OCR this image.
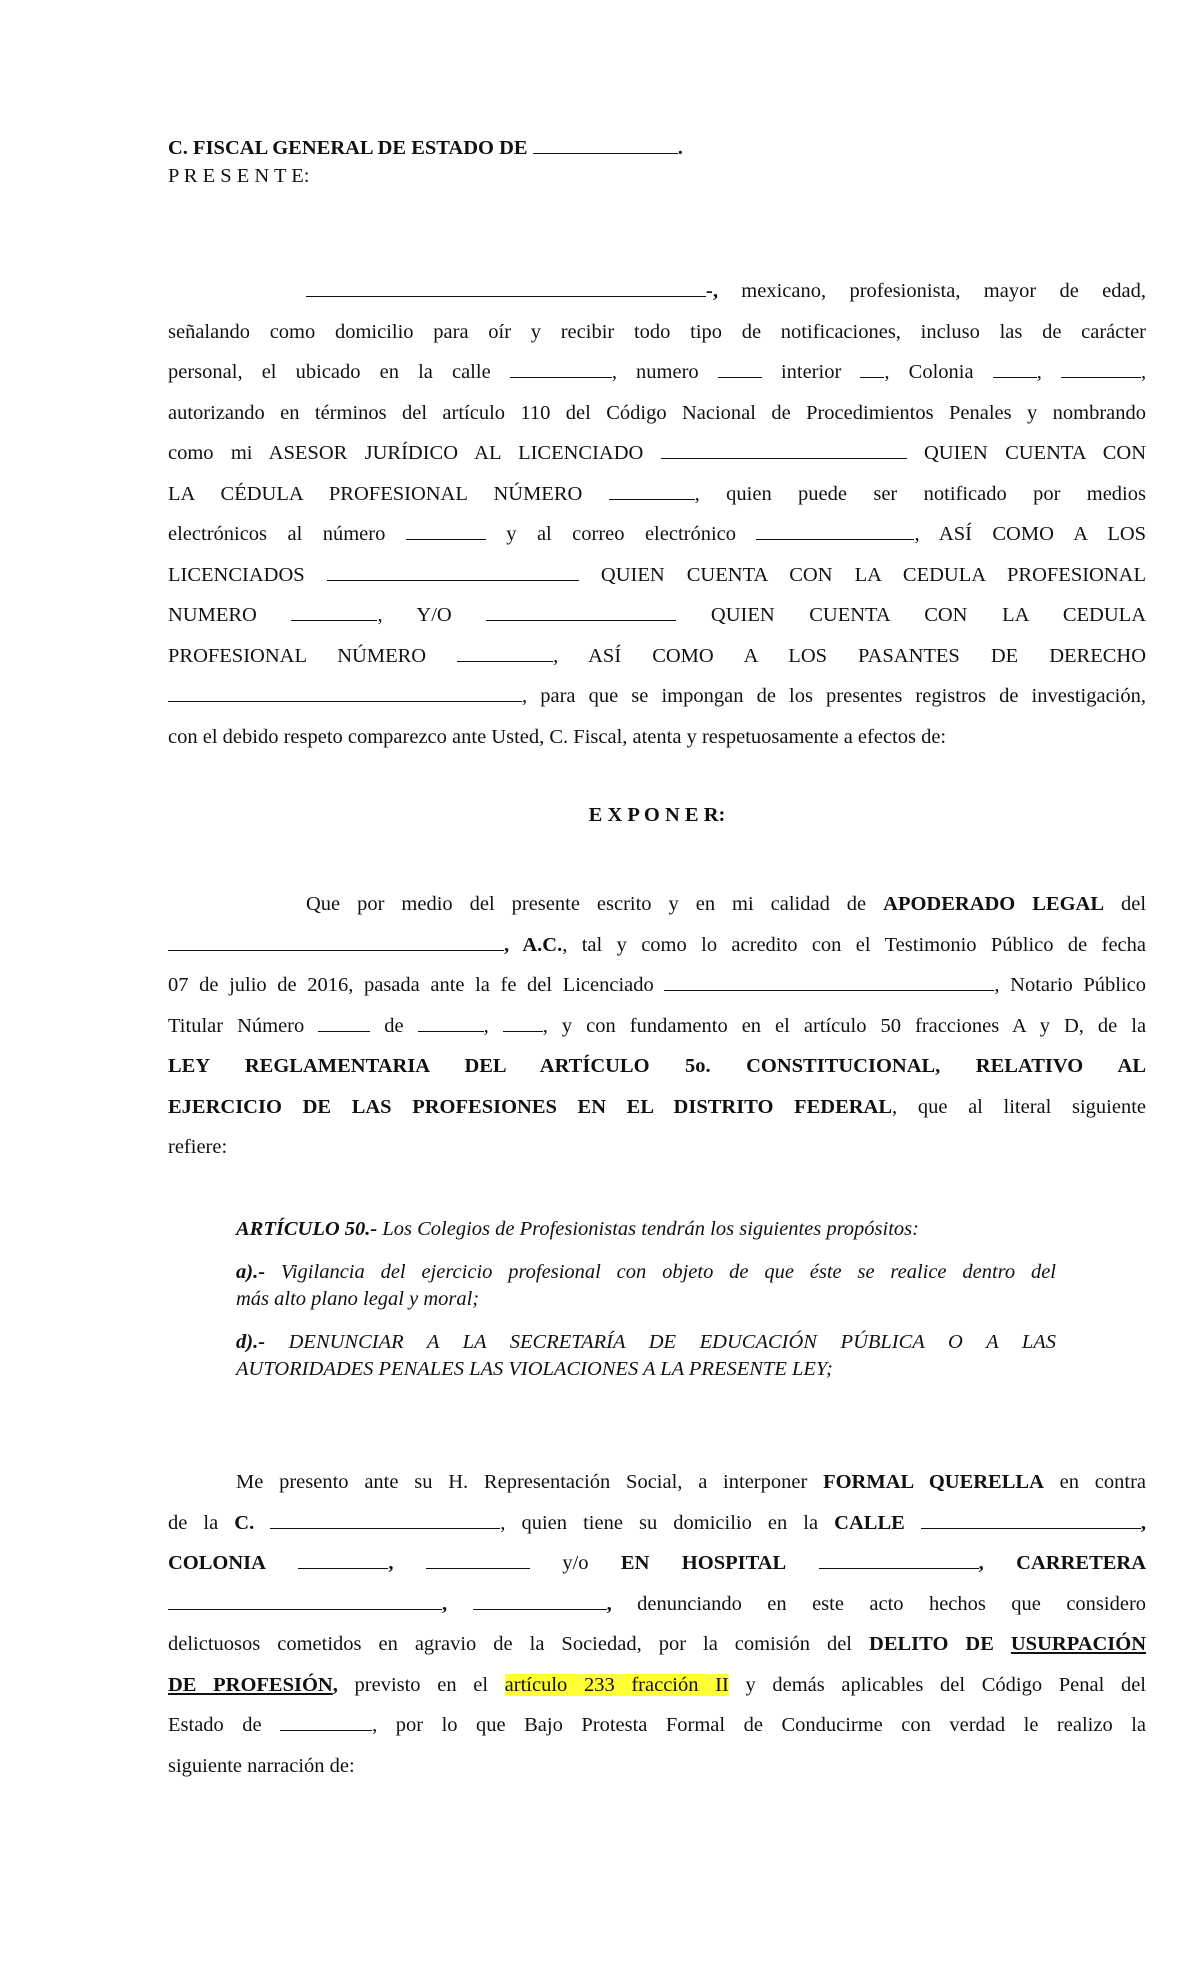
C. FISCAL GENERAL DE ESTADO DE	.
P R E S E N T E:
-, mexicano, profesionista, mayor de edad,
señalando como domicilio para oír y recibir todo tipo de notificaciones, incluso las de carácter
personal, el ubicado en la calle	, numero	interior , Colonia	,	,
autorizando en términos del artículo 110 del Código Nacional de Procedimientos Penales y nombrando
como mi ASESOR JURÍDICO AL LICENCIADO	QUIEN CUENTA CON
LA CÉDULA PROFESIONAL NÚMERO	, quien puede ser notificado por medios
electrónicos al número	y al correo electrónico	, ASÍ COMO A LOS
LICENCIADOS	QUIEN CUENTA CON LA CEDULA PROFESIONAL
NUMERO	, Y/O	QUIEN CUENTA CON LA CEDULA
PROFESIONAL NÚMERO	, ASÍ COMO A LOS PASANTES DE DERECHO
, para que se impongan de los presentes registros de investigación,
con el debido respeto comparezco ante Usted, C. Fiscal, atenta y respetuosamente a efectos de:
E X P O N E R:
Que por medio del presente escrito y en mi calidad de APODERADO LEGAL del
, A.C., tal y como lo acredito con el Testimonio Público de fecha
07 de julio de 2016, pasada ante la fe del Licenciado	, Notario Público
Titular Número	de	,	, y con fundamento en el artículo 50 fracciones A y D, de la
LEY REGLAMENTARIA DEL ARTÍCULO 5o. CONSTITUCIONAL, RELATIVO AL
EJERCICIO DE LAS PROFESIONES EN EL DISTRITO FEDERAL, que al literal siguiente
refiere:
ARTÍCULO 50.- Los Colegios de Profesionistas tendrán los siguientes propósitos:
a).- Vigilancia del ejercicio profesional con objeto de que éste se realice dentro del
más alto plano legal y moral;
d).- DENUNCIAR A LA SECRETARÍA DE EDUCACIÓN PÚBLICA O A LAS
AUTORIDADES PENALES LAS VIOLACIONES A LA PRESENTE LEY;
Me presento ante su H. Representación Social, a interponer FORMAL QUERELLA en contra
de la C.	, quien tiene su domicilio en la CALLE	,
COLONIA	,	y/o EN HOSPITAL	, CARRETERA
,	, denunciando en este acto hechos que considero
delictuosos cometidos en agravio de la Sociedad, por la comisión del DELITO DE USURPACIÓN
DE PROFESIÓN, previsto en el artículo 233 fracción II y demás aplicables del Código Penal del
Estado de	, por lo que Bajo Protesta Formal de Conducirme con verdad le realizo la
siguiente narración de:
